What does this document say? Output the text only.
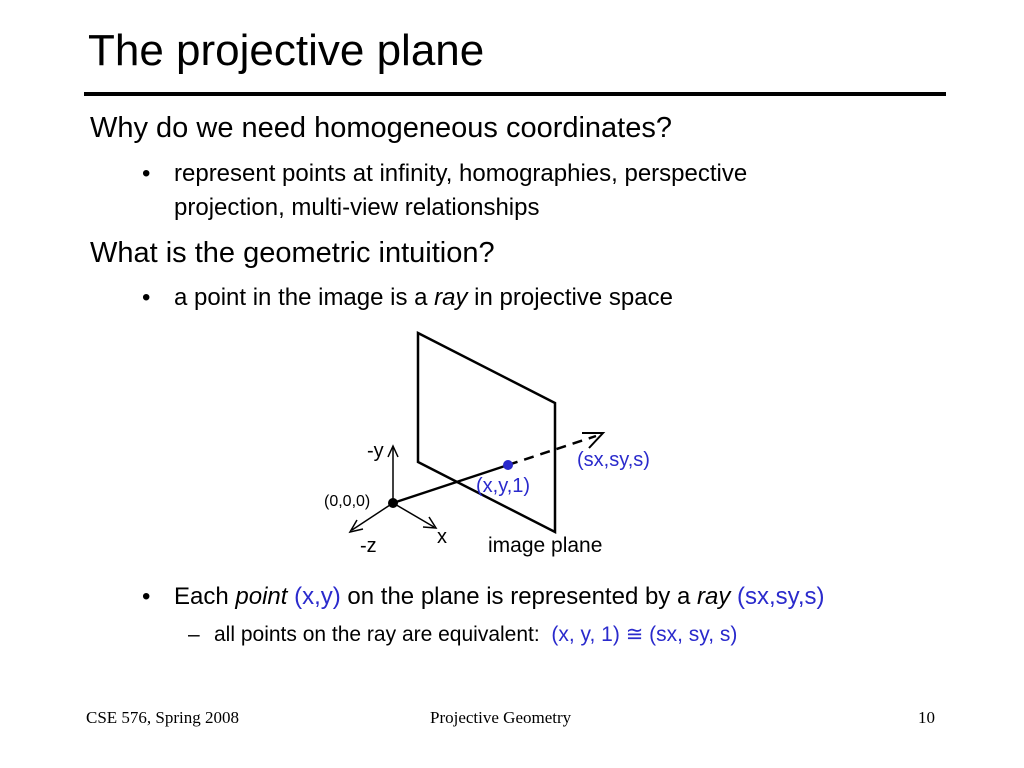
The projective plane
Why do we need homogeneous coordinates?
• represent points at infinity, homographies, perspective
projection, multi-view relationships
What is the geometric intuition?
• a point in the image is a ray in projective space
-y
(0,0,0)
-z	x
(x,y,1)
(sx,sy,s)
image plane
• Each point (x,y) on the plane is represented by a ray (sx,sy,s)
– all points on the ray are equivalent: (x, y, 1) ≅ (sx, sy, s)
CSE 576, Spring 2008	Projective Geometry	10
